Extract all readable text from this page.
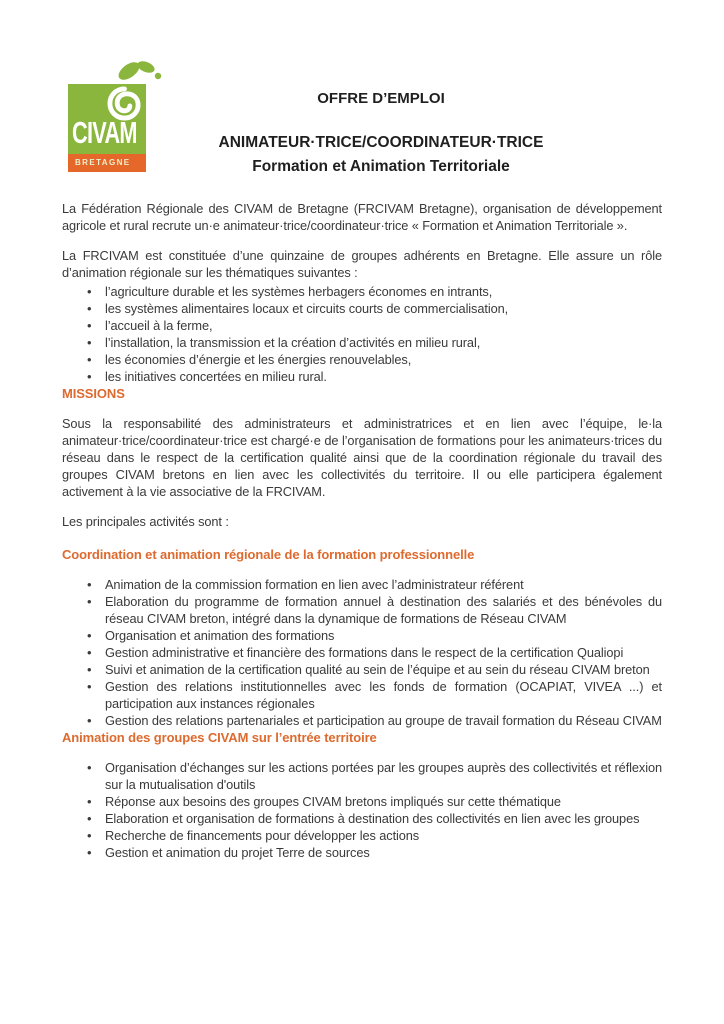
CIVAM
BRETAGNE

OFFRE D’EMPLOI

ANIMATEUR·TRICE/COORDINATEUR·TRICE

Formation et Animation Territoriale

La Fédération Régionale des CIVAM de Bretagne (FRCIVAM Bretagne), organisation de développement agricole et rural recrute un·e animateur·trice/coordinateur·trice « Formation et Animation Territoriale ».

La FRCIVAM est constituée d’une quinzaine de groupes adhérents en Bretagne. Elle assure un rôle d’animation régionale sur les thématiques suivantes :

• l’agriculture durable et les systèmes herbagers économes en intrants,
• les systèmes alimentaires locaux et circuits courts de commercialisation,
• l’accueil à la ferme,
• l’installation, la transmission et la création d’activités en milieu rural,
• les économies d’énergie et les énergies renouvelables,
• les initiatives concertées en milieu rural.

MISSIONS

Sous la responsabilité des administrateurs et administratrices et en lien avec l’équipe, le·la animateur·trice/coordinateur·trice est chargé·e de l’organisation de formations pour les animateurs·trices du réseau dans le respect de la certification qualité ainsi que de la coordination régionale du travail des groupes CIVAM bretons en lien avec les collectivités du territoire. Il ou elle participera également activement à la vie associative de la FRCIVAM.

Les principales activités sont :

Coordination et animation régionale de la formation professionnelle

• Animation de la commission formation en lien avec l’administrateur référent
• Elaboration du programme de formation annuel à destination des salariés et des bénévoles du réseau CIVAM breton, intégré dans la dynamique de formations de Réseau CIVAM
• Organisation et animation des formations
• Gestion administrative et financière des formations dans le respect de la certification Qualiopi
• Suivi et animation de la certification qualité au sein de l’équipe et au sein du réseau CIVAM breton
• Gestion des relations institutionnelles avec les fonds de formation (OCAPIAT, VIVEA ...) et participation aux instances régionales
• Gestion des relations partenariales et participation au groupe de travail formation du Réseau CIVAM

Animation des groupes CIVAM sur l’entrée territoire

• Organisation d’échanges sur les actions portées par les groupes auprès des collectivités et réflexion sur la mutualisation d'outils
• Réponse aux besoins des groupes CIVAM bretons impliqués sur cette thématique
• Elaboration et organisation de formations à destination des collectivités en lien avec les groupes
• Recherche de financements pour développer les actions
• Gestion et animation du projet Terre de sources
